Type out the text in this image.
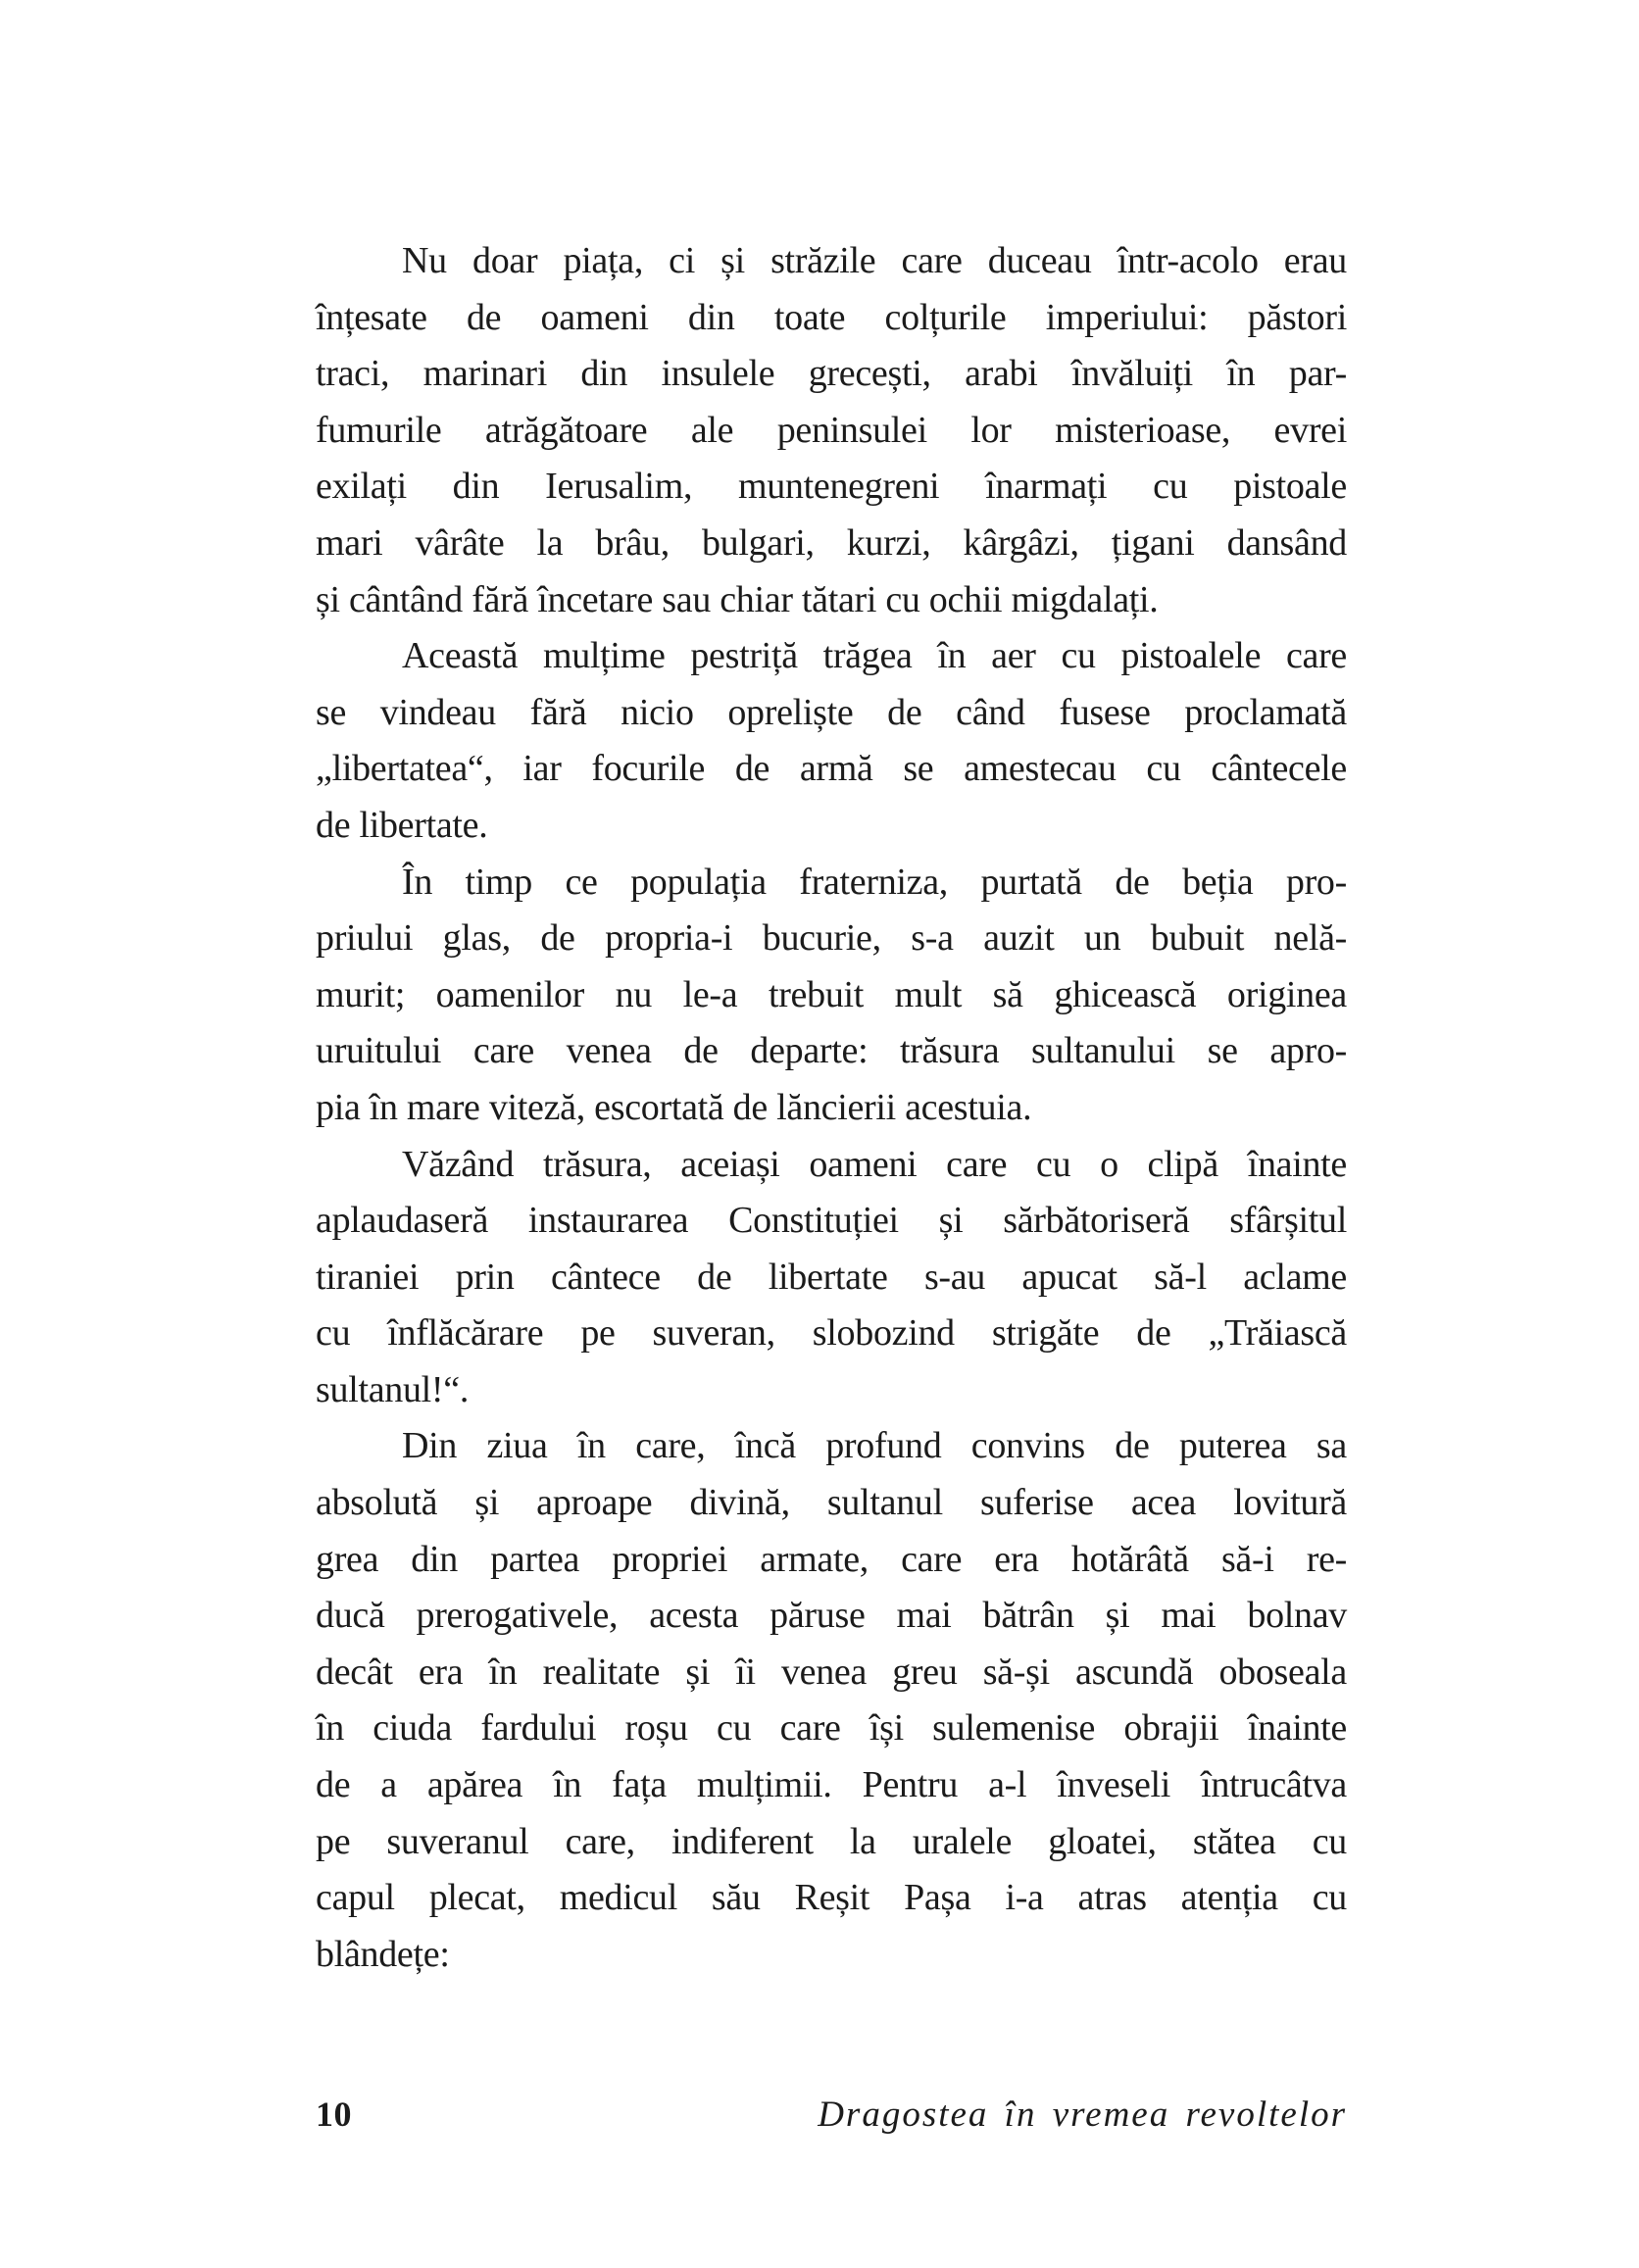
Nu doar piața, ci și străzile care duceau într-acolo erau
înțesate de oameni din toate colțurile imperiului: păstori
traci, marinari din insulele grecești, arabi învăluiți în par-
fumurile atrăgătoare ale peninsulei lor misterioase, evrei
exilați din Ierusalim, muntenegreni înarmați cu pistoale
mari vârâte la brâu, bulgari, kurzi, kârgâzi, țigani dansând
și cântând fără încetare sau chiar tătari cu ochii migdalați.
Această mulțime pestriță trăgea în aer cu pistoalele care
se vindeau fără nicio opreliște de când fusese proclamată
„libertatea“, iar focurile de armă se amestecau cu cântecele
de libertate.
În timp ce populația fraterniza, purtată de beția pro-
priului glas, de propria-i bucurie, s-a auzit un bubuit nelă-
murit; oamenilor nu le-a trebuit mult să ghicească originea
uruitului care venea de departe: trăsura sultanului se apro-
pia în mare viteză, escortată de lăncierii acestuia.
Văzând trăsura, aceiași oameni care cu o clipă înainte
aplaudaseră instaurarea Constituției și sărbătoriseră sfârșitul
tiraniei prin cântece de libertate s-au apucat să-l aclame
cu înflăcărare pe suveran, slobozind strigăte de „Trăiască
sultanul!“.
Din ziua în care, încă profund convins de puterea sa
absolută și aproape divină, sultanul suferise acea lovitură
grea din partea propriei armate, care era hotărâtă să-i re-
ducă prerogativele, acesta păruse mai bătrân și mai bolnav
decât era în realitate și îi venea greu să-și ascundă oboseala
în ciuda fardului roșu cu care își sulemenise obrajii înainte
de a apărea în fața mulțimii. Pentru a-l înveseli întrucâtva
pe suveranul care, indiferent la uralele gloatei, stătea cu
capul plecat, medicul său Reșit Pașa i-a atras atenția cu
blândețe:
10	Dragostea în vremea revoltelor
